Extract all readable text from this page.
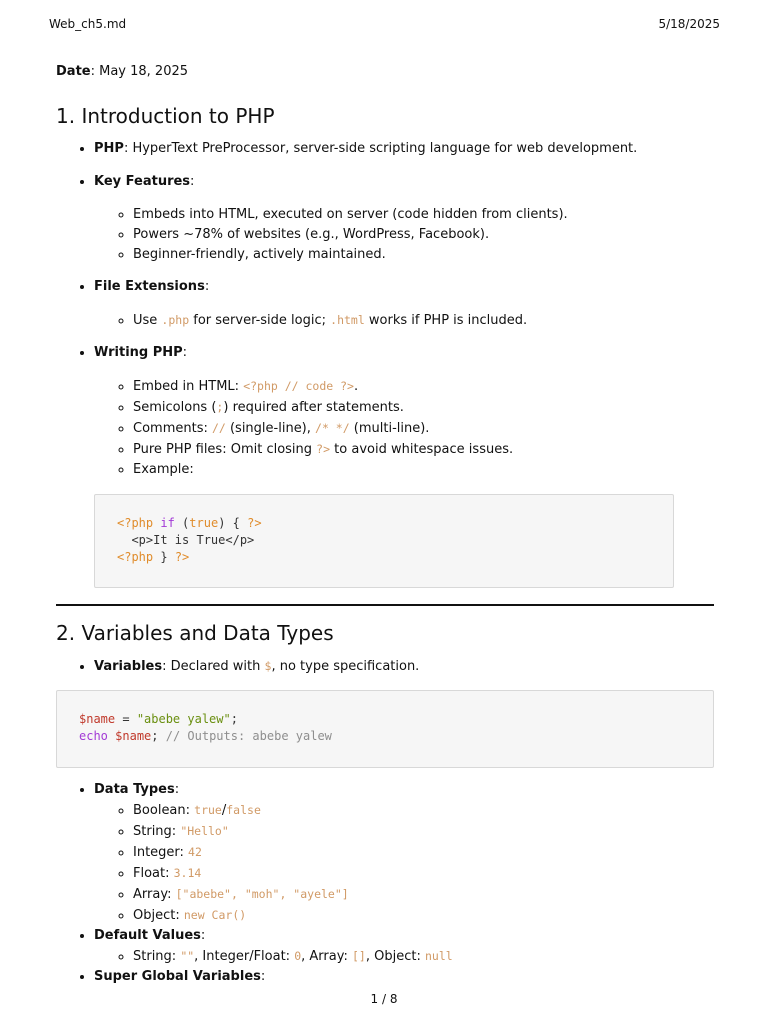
Web_ch5.md	5/18/2025

Date: May 18, 2025

1. Introduction to PHP
• PHP: HyperText PreProcessor, server-side scripting language for web development.
• Key Features:
◦ Embeds into HTML, executed on server (code hidden from clients).
◦ Powers ~78% of websites (e.g., WordPress, Facebook).
◦ Beginner-friendly, actively maintained.
• File Extensions:
◦ Use .php for server-side logic; .html works if PHP is included.
• Writing PHP:
◦ Embed in HTML: <?php // code ?>.
◦ Semicolons (;) required after statements.
◦ Comments: // (single-line), /* */ (multi-line).
◦ Pure PHP files: Omit closing ?> to avoid whitespace issues.
◦ Example:
<?php if (true) { ?>
<p>It is True</p>
<?php } ?>
2. Variables and Data Types
• Variables: Declared with $, no type specification.
$name = "abebe yalew";
echo $name; // Outputs: abebe yalew
• Data Types:
◦ Boolean: true/false
◦ String: "Hello"
◦ Integer: 42
◦ Float: 3.14
◦ Array: ["abebe", "moh", "ayele"]
◦ Object: new Car()
• Default Values:
◦ String: "", Integer/Float: 0, Array: [], Object: null
• Super Global Variables:
1 / 8
